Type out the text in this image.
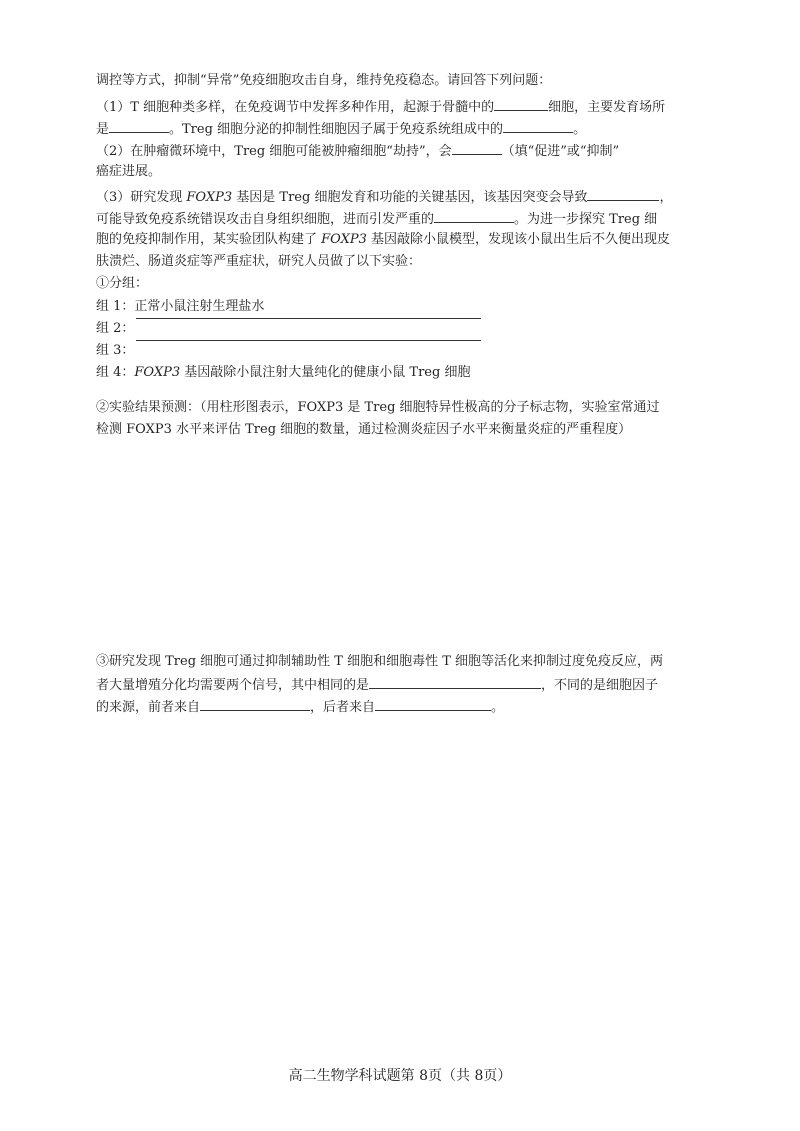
调控等方式，抑制“异常”免疫细胞攻击自身，维持免疫稳态。请回答下列问题：
（1）T 细胞种类多样，在免疫调节中发挥多种作用，起源于骨髓中的	细胞，主要发育场所
是	。Treg 细胞分泌的抑制性细胞因子属于免疫系统组成中的	。
（2）在肿瘤微环境中，Treg 细胞可能被肿瘤细胞“劫持”，会	（填“促进”或“抑制”
癌症进展。
（3）研究发现 FOXP3 基因是 Treg 细胞发育和功能的关键基因，该基因突变会导致	，
可能导致免疫系统错误攻击自身组织细胞，进而引发严重的	。为进一步探究 Treg 细
胞的免疫抑制作用，某实验团队构建了 FOXP3 基因敲除小鼠模型，发现该小鼠出生后不久便出现皮
肤溃烂、肠道炎症等严重症状，研究人员做了以下实验：
①分组：
组 1：正常小鼠注射生理盐水
组 2：
组 3：
组 4：FOXP3 基因敲除小鼠注射大量纯化的健康小鼠 Treg 细胞
②实验结果预测：（用柱形图表示，FOXP3 是 Treg 细胞特异性极高的分子标志物，实验室常通过
检测 FOXP3 水平来评估 Treg 细胞的数量，通过检测炎症因子水平来衡量炎症的严重程度）
③研究发现 Treg 细胞可通过抑制辅助性 T 细胞和细胞毒性 T 细胞等活化来抑制过度免疫反应，两
者大量增殖分化均需要两个信号，其中相同的是	，不同的是细胞因子
的来源，前者来自	，后者来自	。
高二生物学科试题第 8页（共 8页）
